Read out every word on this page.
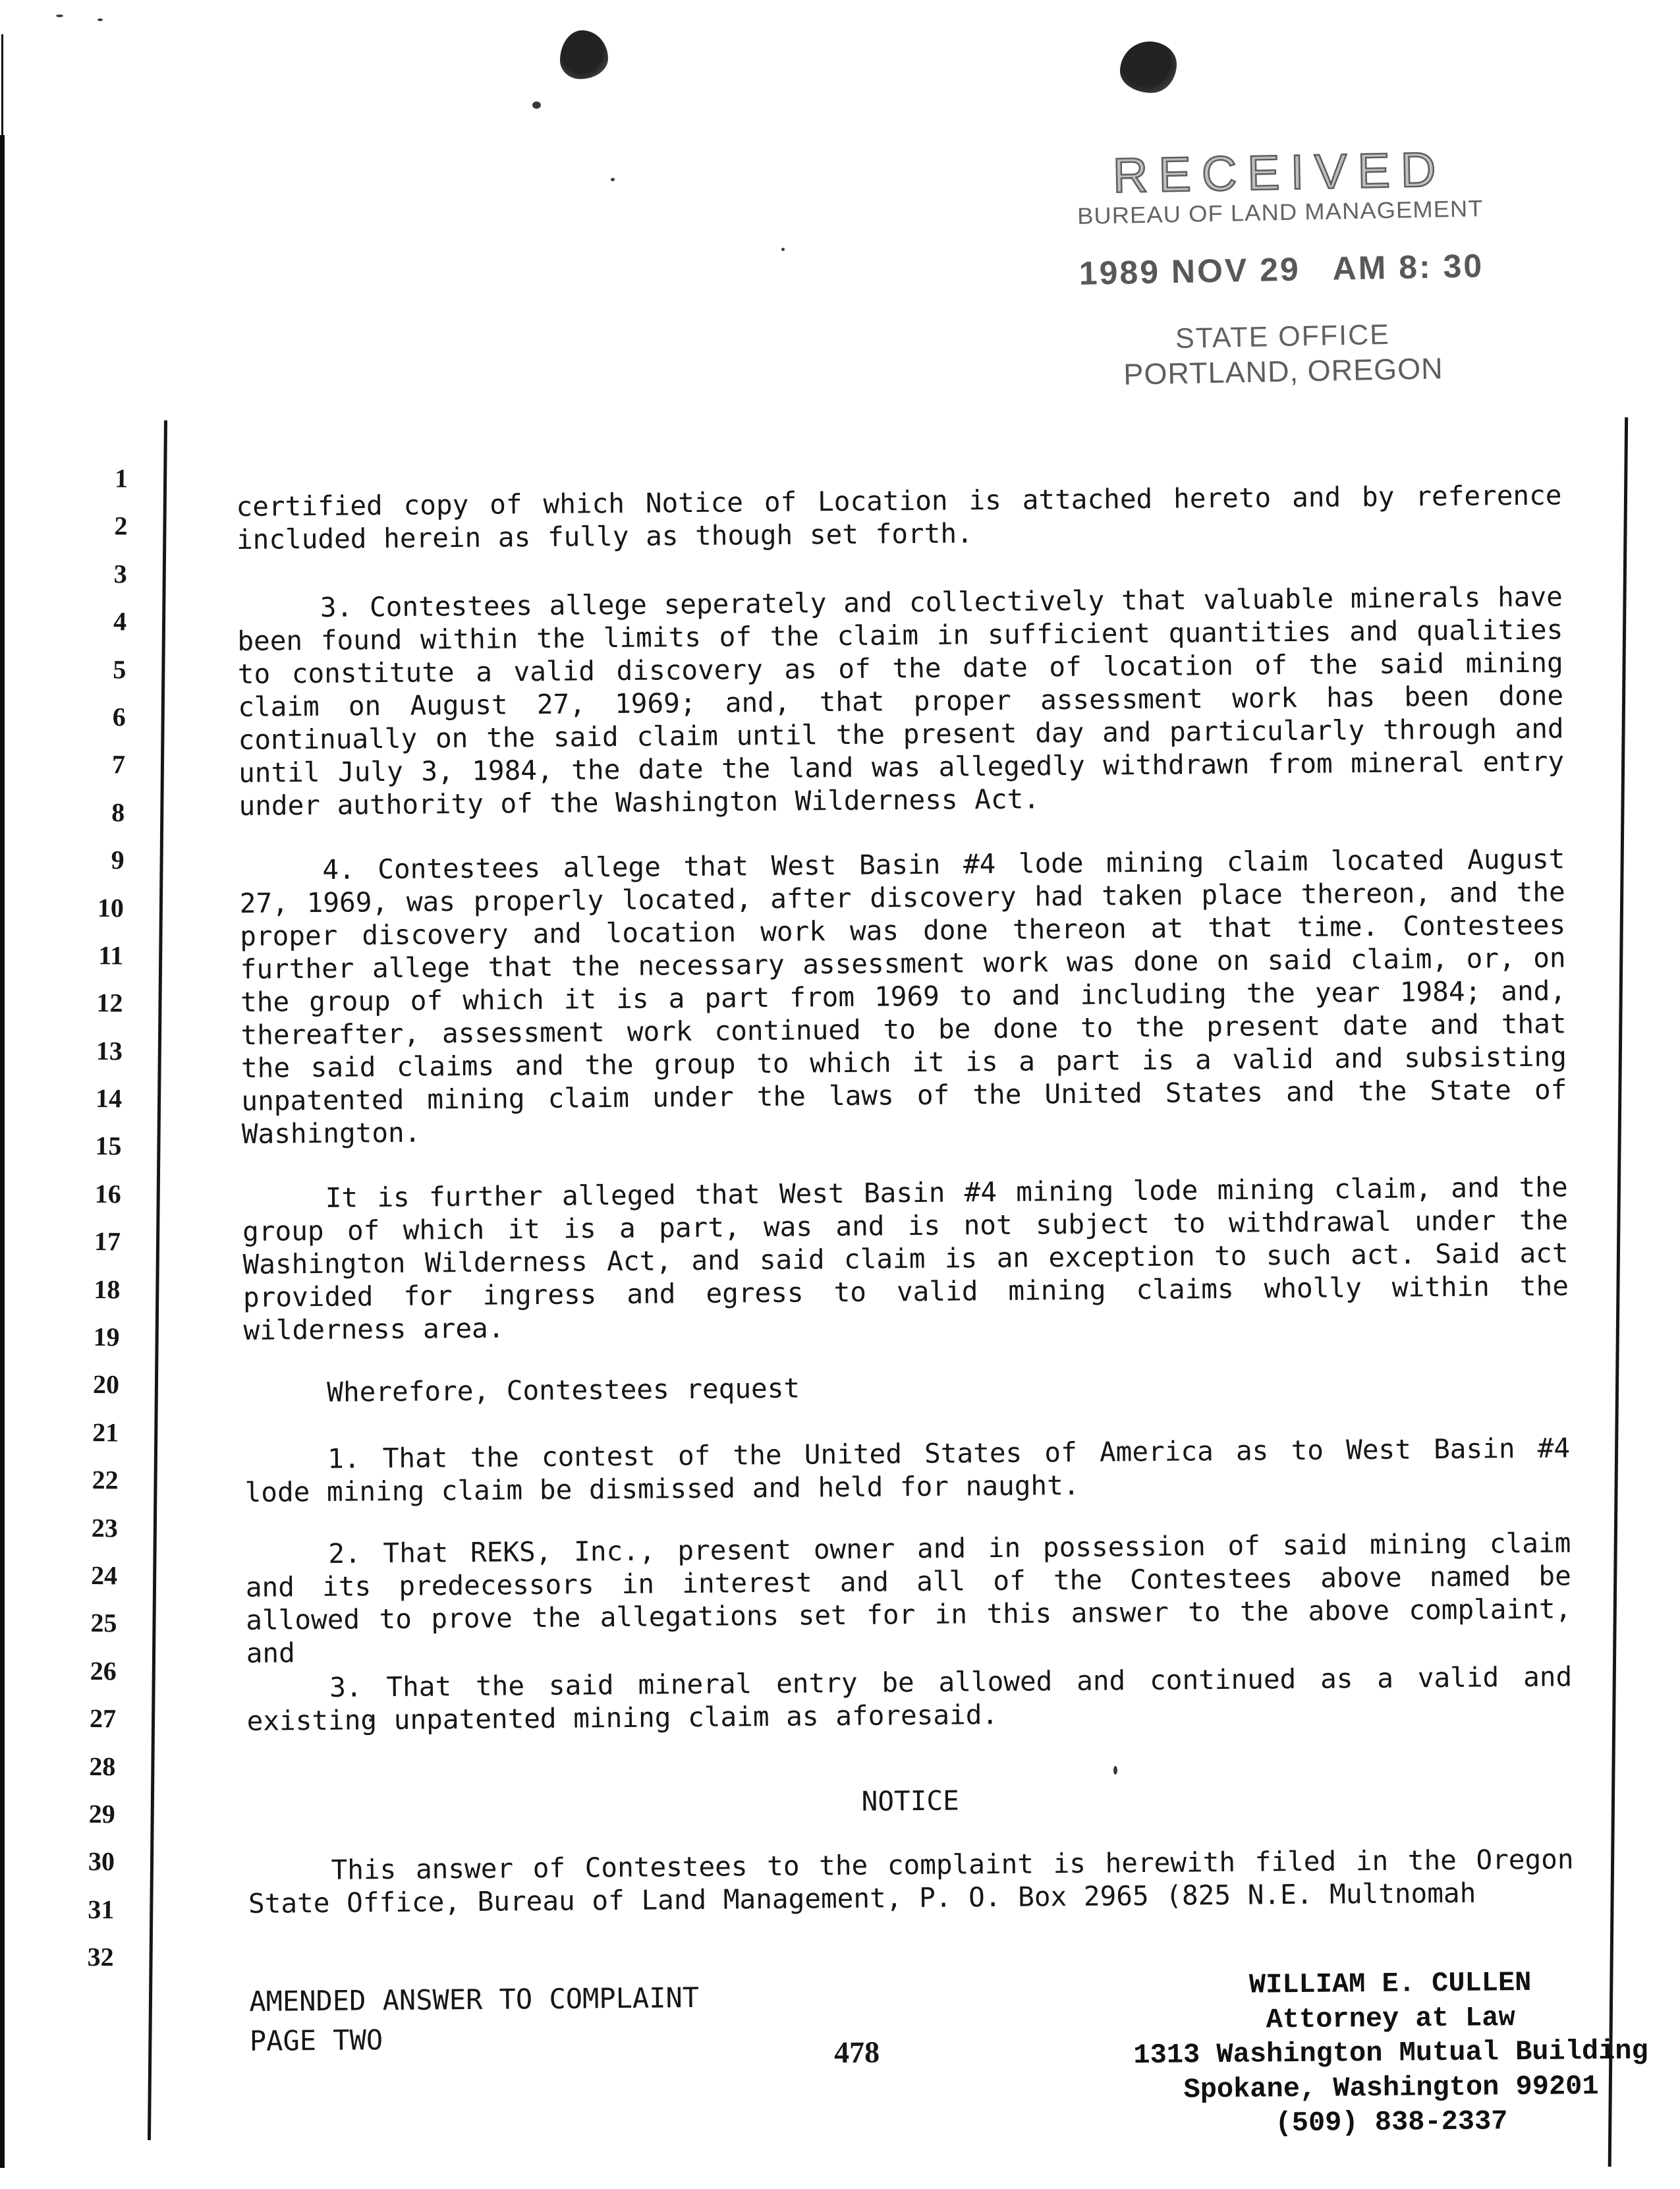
RECEIVED
BUREAU OF LAND MANAGEMENT
1989 NOV 29   AM 8: 30
STATE OFFICE
PORTLAND, OREGON
1
2
3
4
5
6
7
8
9
10
11
12
13
14
15
16
17
18
19
20
21
22
23
24
25
26
27
28
29
30
31
32

certified copy of which Notice of Location is attached hereto and by reference included herein as fully as though set forth.

3. Contestees allege seperately and collectively that valuable minerals have been found within the limits of the claim in sufficient quantities and qualities to constitute a valid discovery as of the date of location of the said mining claim on August 27, 1969; and, that proper assessment work has been done continually on the said claim until the present day and particularly through and until July 3, 1984, the date the land was allegedly withdrawn from mineral entry under authority of the Washington Wilderness Act.

4. Contestees allege that West Basin #4 lode mining claim located August 27, 1969, was properly located, after discovery had taken place thereon, and the proper discovery and location work was done thereon at that time. Contestees further allege that the necessary assessment work was done on said claim, or, on the group of which it is a part from 1969 to and including the year 1984; and, thereafter, assessment work continued to be done to the present date and that the said claims and the group to which it is a part is a valid and subsisting unpatented mining claim under the laws of the United States and the State of Washington.

It is further alleged that West Basin #4 mining lode mining claim, and the group of which it is a part, was and is not subject to withdrawal under the Washington Wilderness Act, and said claim is an exception to such act. Said act provided for ingress and egress to valid mining claims wholly within the wilderness area.

Wherefore, Contestees request

1. That the contest of the United States of America as to West Basin #4 lode mining claim be dismissed and held for naught.

2. That REKS, Inc., present owner and in possession of said mining claim and its predecessors in interest and all of the Contestees above named be allowed to prove the allegations set for in this answer to the above complaint, and

3. That the said mineral entry be allowed and continued as a valid and existing unpatented mining claim as aforesaid.

NOTICE

This answer of Contestees to the complaint is herewith filed in the Oregon State Office, Bureau of Land Management, P. O. Box 2965 (825 N.E. Multnomah

AMENDED ANSWER TO COMPLAINT
PAGE TWO	478
WILLIAM E. CULLEN
Attorney at Law
1313 Washington Mutual Building
Spokane, Washington 99201
(509) 838-2337
